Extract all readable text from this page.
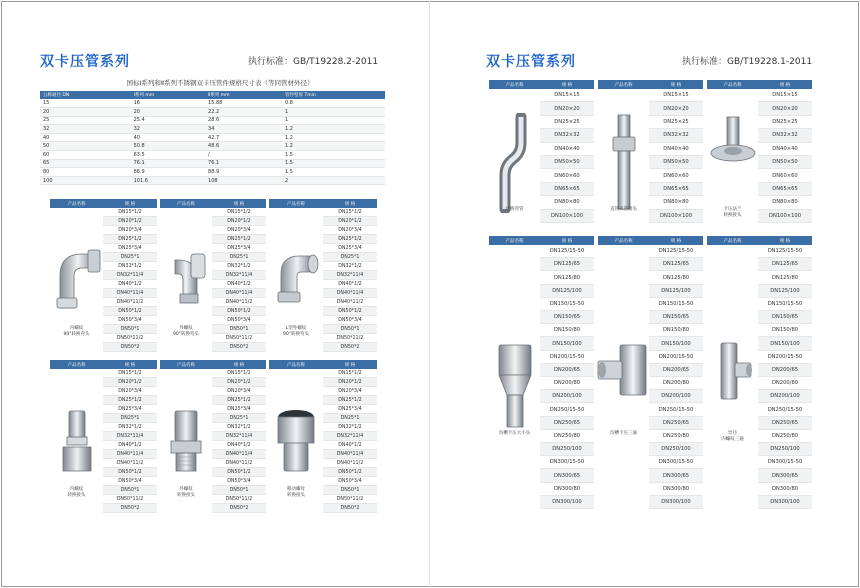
双卡压管系列	执行标准：GB/T19228.2-2011
国标Ⅰ系列和Ⅱ系列不锈钢双卡压管件规格尺寸表（等同管材外径）
公称通径 DN	Ⅰ系列 mm	Ⅱ系列 mm	管件壁厚 Tmin
15	16	15.88	0.8
20	20	22.2	1
25	25.4	28.6	1
32	32	34	1.2
40	40	42.7	1.2
50	50.8	48.6	1.2
60	63.5	/	1.5
65	76.1	76.1	1.5
80	88.9	88.9	1.5
100	101.6	108	2
产品名称	规 格
内螺纹
90°转换弯头
DN15*1/2
DN20*1/2
DN20*3/4
DN25*1/2
DN25*3/4
DN25*1
DN32*1/2
DN32*11/4
DN40*1/2
DN40*11/4
DN40*11/2
DN50*1/2
DN50*3/4
DN50*1
DN50*11/2
DN50*2
产品名称	规 格
外螺纹
90°转换弯头
DN15*1/2
DN20*1/2
DN20*3/4
DN25*1/2
DN25*3/4
DN25*1
DN32*1/2
DN32*11/4
DN40*1/2
DN40*11/4
DN40*11/2
DN50*1/2
DN50*3/4
DN50*1
DN50*11/2
DN50*2
产品名称	规 格
L型外螺纹
90°转换弯头
DN15*1/2
DN20*1/2
DN20*3/4
DN25*1/2
DN25*3/4
DN25*1
DN32*1/2
DN32*11/4
DN40*1/2
DN40*11/4
DN40*11/2
DN50*1/2
DN50*3/4
DN50*1
DN50*11/2
DN50*2
产品名称	规 格
内螺纹
转换接头
DN15*1/2
DN20*1/2
DN20*3/4
DN25*1/2
DN25*3/4
DN25*1
DN32*1/2
DN32*11/4
DN40*1/2
DN40*11/4
DN40*11/2
DN50*1/2
DN50*3/4
DN50*1
DN50*11/2
DN50*2
产品名称	规 格
外螺纹
转换接头
DN15*1/2
DN20*1/2
DN20*3/4
DN25*1/2
DN25*3/4
DN25*1
DN32*1/2
DN32*11/4
DN40*1/2
DN40*11/4
DN40*11/2
DN50*1/2
DN50*3/4
DN50*1
DN50*11/2
DN50*2
产品名称	规 格
移动螺母
转换接头
DN15*1/2
DN20*1/2
DN20*3/4
DN25*1/2
DN25*3/4
DN25*1
DN32*1/2
DN32*11/4
DN40*1/2
DN40*11/4
DN40*11/2
DN50*1/2
DN50*3/4
DN50*1
DN50*11/2
DN50*2
双卡压管系列	执行标准：GB/T19228.1-2011
产品名称	规 格
过桥弯管
DN15×15
DN20×20
DN25×25
DN32×32
DN40×40
DN50×50
DN60×60
DN65×65
DN80×80
DN100×100
产品名称	规 格
直管式活接头
DN15×15
DN20×20
DN25×25
DN32×32
DN40×40
DN50×50
DN60×60
DN65×65
DN80×80
DN100×100
产品名称	规 格
卡压法兰
转换接头
DN15×15
DN20×20
DN25×25
DN32×32
DN40×40
DN50×50
DN60×60
DN65×65
DN80×80
DN100×100
产品名称	规 格
沟槽卡压大小头
DN125/15-50
DN125/65
DN125/80
DN125/100
DN150/15-50
DN150/65
DN150/80
DN150/100
DN200/15-50
DN200/65
DN200/80
DN200/100
DN250/15-50
DN250/65
DN250/80
DN250/100
DN300/15-50
DN300/65
DN300/80
DN300/100
产品名称	规 格
沟槽卡压三通
DN125/15-50
DN125/65
DN125/80
DN125/100
DN150/15-50
DN150/65
DN150/80
DN150/100
DN200/15-50
DN200/65
DN200/80
DN200/100
DN250/15-50
DN250/65
DN250/80
DN250/100
DN300/15-50
DN300/65
DN300/80
DN300/100
产品名称	规 格
异径
内螺纹三通
DN125/15-50
DN125/65
DN125/80
DN125/100
DN150/15-50
DN150/65
DN150/80
DN150/100
DN200/15-50
DN200/65
DN200/80
DN200/100
DN250/15-50
DN250/65
DN250/80
DN250/100
DN300/15-50
DN300/65
DN300/80
DN300/100
